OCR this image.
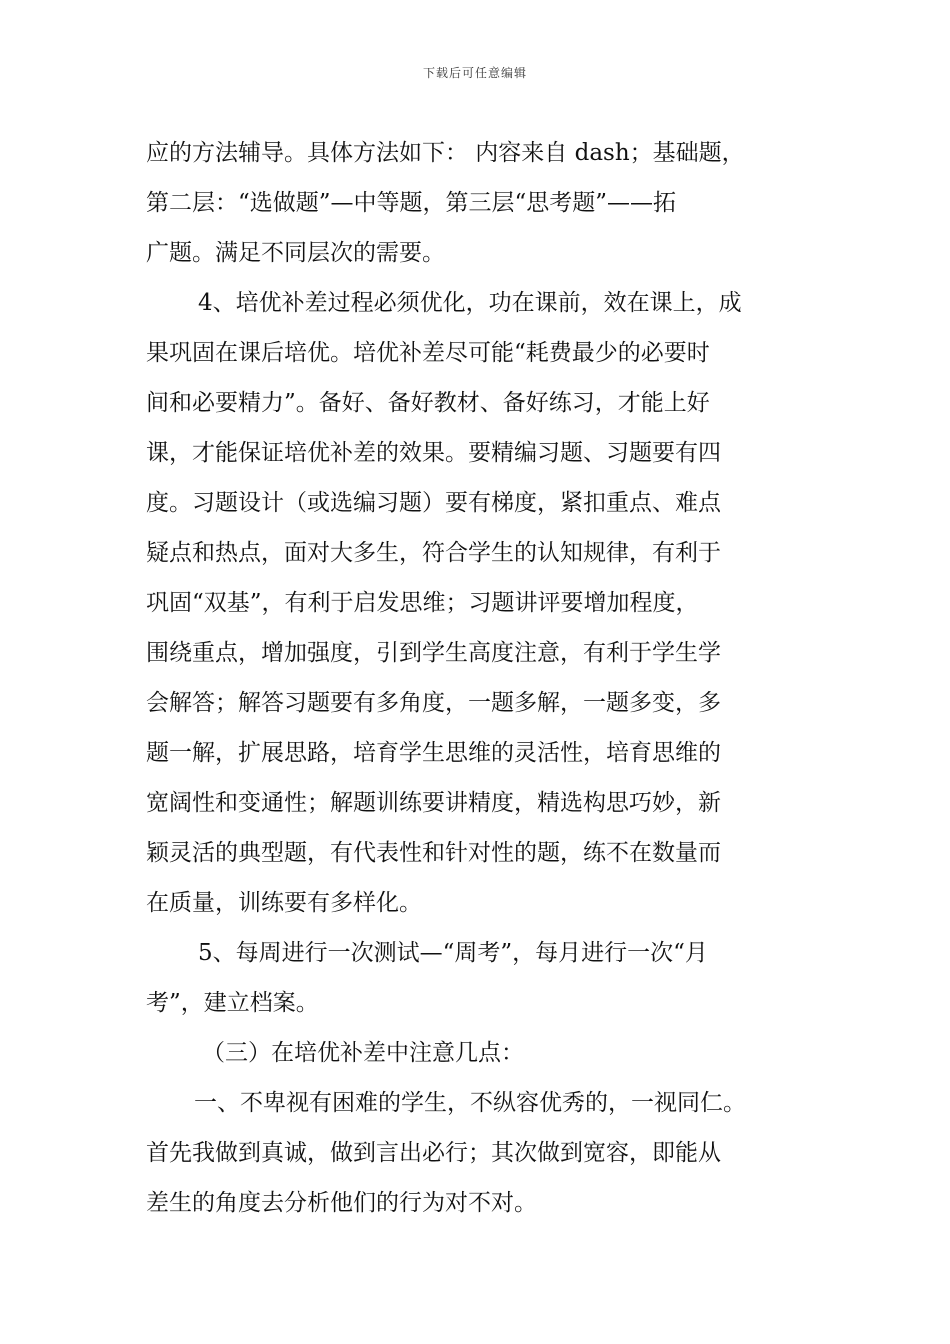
下载后可任意编辑
应的方法辅导。具体方法如下： 内容来自 dash；基础题，
第二层：“选做题”—中等题，第三层“思考题”——拓
广题。满足不同层次的需要。
4、培优补差过程必须优化，功在课前，效在课上，成
果巩固在课后培优。培优补差尽可能“耗费最少的必要时
间和必要精力”。备好、备好教材、备好练习，才能上好
课，才能保证培优补差的效果。要精编习题、习题要有四
度。习题设计（或选编习题）要有梯度，紧扣重点、难点
疑点和热点，面对大多生，符合学生的认知规律，有利于
巩固“双基”，有利于启发思维；习题讲评要增加程度，
围绕重点，增加强度，引到学生高度注意，有利于学生学
会解答；解答习题要有多角度，一题多解，一题多变，多
题一解，扩展思路，培育学生思维的灵活性，培育思维的
宽阔性和变通性；解题训练要讲精度，精选构思巧妙，新
颖灵活的典型题，有代表性和针对性的题，练不在数量而
在质量，训练要有多样化。
5、每周进行一次测试—“周考”，每月进行一次“月
考”，建立档案。
（三）在培优补差中注意几点：
一、不卑视有困难的学生，不纵容优秀的，一视同仁。
首先我做到真诚，做到言出必行；其次做到宽容，即能从
差生的角度去分析他们的行为对不对。
